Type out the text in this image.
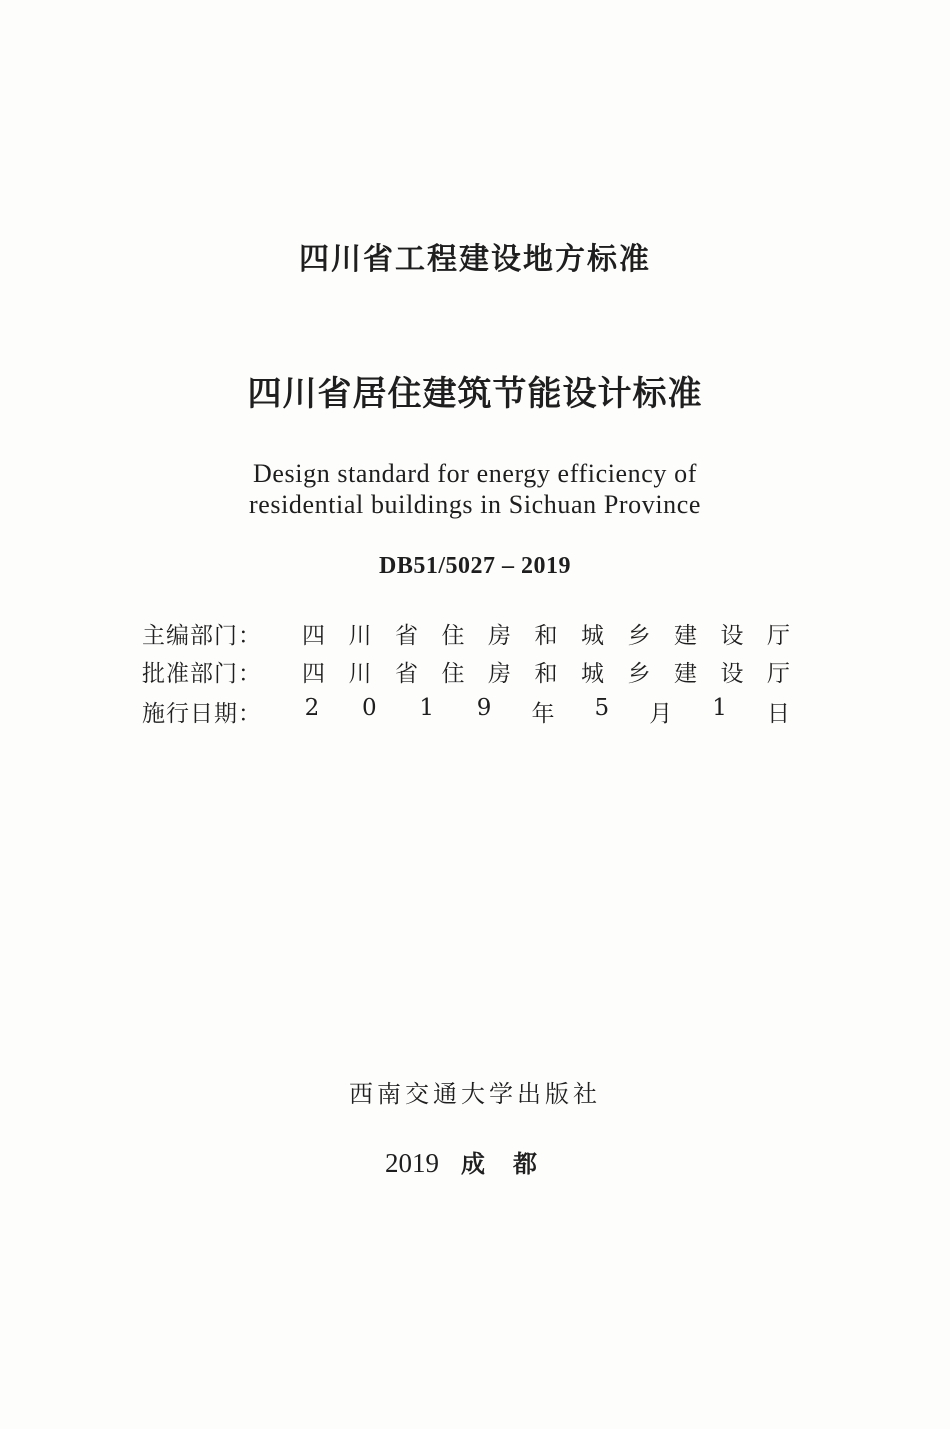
四川省工程建设地方标准
四川省居住建筑节能设计标准
Design standard for energy efficiency of
residential buildings in Sichuan Province
DB51/5027 – 2019
主编部门：	四 川 省 住 房 和 城 乡 建 设 厅
批准部门：	四 川 省 住 房 和 城 乡 建 设 厅
施行日期：	2 0 1 9 年 5 月 1 日
西南交通大学出版社
2019 成都
